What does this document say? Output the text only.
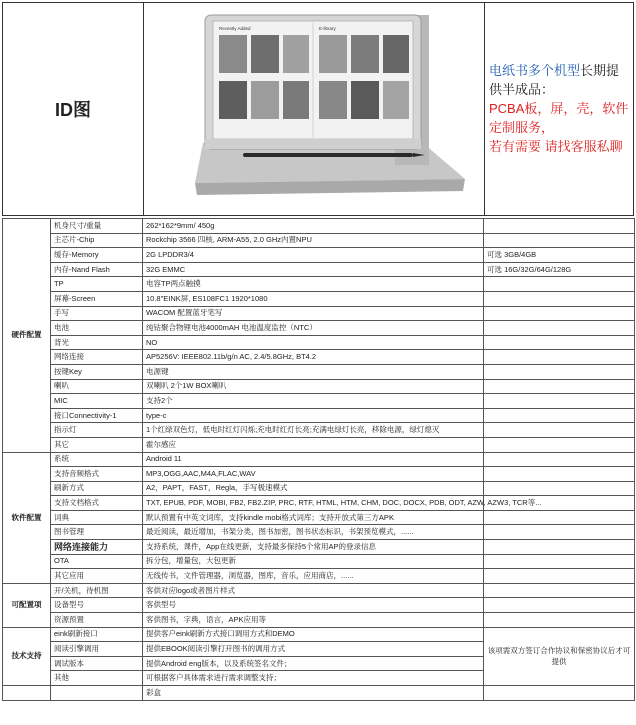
ID图
Recently Added	E-library
电纸书多个机型长期提供半成品：
PCBA板，屏，壳，软件定制服务，
若有需要 请找客服私聊
硬件配置	机身尺寸/重量	262*162*9mm/ 450g	
	主芯片-Chip	Rockchip 3566 四核, ARM-A55, 2.0 GHz内置NPU	
	缓存-Memory	2G LPDDR3/4	可选 3GB/4GB
	内存-Nand Flash	32G EMMC	可选 16G/32G/64G/128G
	TP	电容TP两点触摸	
	屏幕-Screen	10.8"EINK屏, ES108FC1 1920*1080	
	手写	WACOM 配置蓝牙笔写	
	电池	纯钴聚合物锂电池4000mAH 电池温度监控（NTC）	
	背光	NO	
	网络连接	AP5256V: IEEE802.11b/g/n AC, 2.4/5.8GHz, BT4.2	
	按键Key	电源键	
	喇叭	双喇叭 2个1W BOX喇叭	
	MIC	支持2个	
	接口Connectivity-1	type-c	
	指示灯	1个红绿双色灯，低电时红灯闪烁;充电时红灯长亮;充满电绿灯长亮，移除电源，绿灯熄灭	
	其它	霍尔感应	
软件配置	系统	Android 11	
	支持音频格式	MP3,OGG,AAC,M4A,FLAC,WAV	
	刷新方式	A2，PAPT，FAST，Regla，手写极速模式	
	支持文档格式	TXT, EPUB, PDF, MOBI, FB2, FB2.ZIP, PRC, RTF, HTML, HTM, CHM, DOC, DOCX, PDB, ODT, AZW, AZW3, TCR等...	
	词典	默认预置有中英文词库，支持kindle mobi格式词库；支持开放式第三方APK	
	图书管理	最近阅读，最近增加，书架分类，图书加密，图书状态标识，书架预览模式，......	
	网络连接能力	支持系统，课件，App在线更新，支持最多保持5个常用AP的登录信息	
	OTA	拆分包，增量包，大包更新	
	其它应用	无线传书，文件管理器，浏览器，图库，音乐，应用商店，......	
可配置项	开/关机，待机图	客供对应logo或者图片样式	
	设备型号	客供型号	
	资源预置	客供图书，字典，语言，APK应用等	
技术支持	eink刷新接口	提供客户eink刷新方式接口调用方式和DEMO	该项需双方签订合作协议和保密协议后才可提供
	阅读引擎调用	提供EBOOK阅读引擎打开图书的调用方式	
	调试版本	提供Android eng版本，以及系统签名文件；	
	其他	可根据客户具体需求进行需求调整支持；	
		彩盒	
